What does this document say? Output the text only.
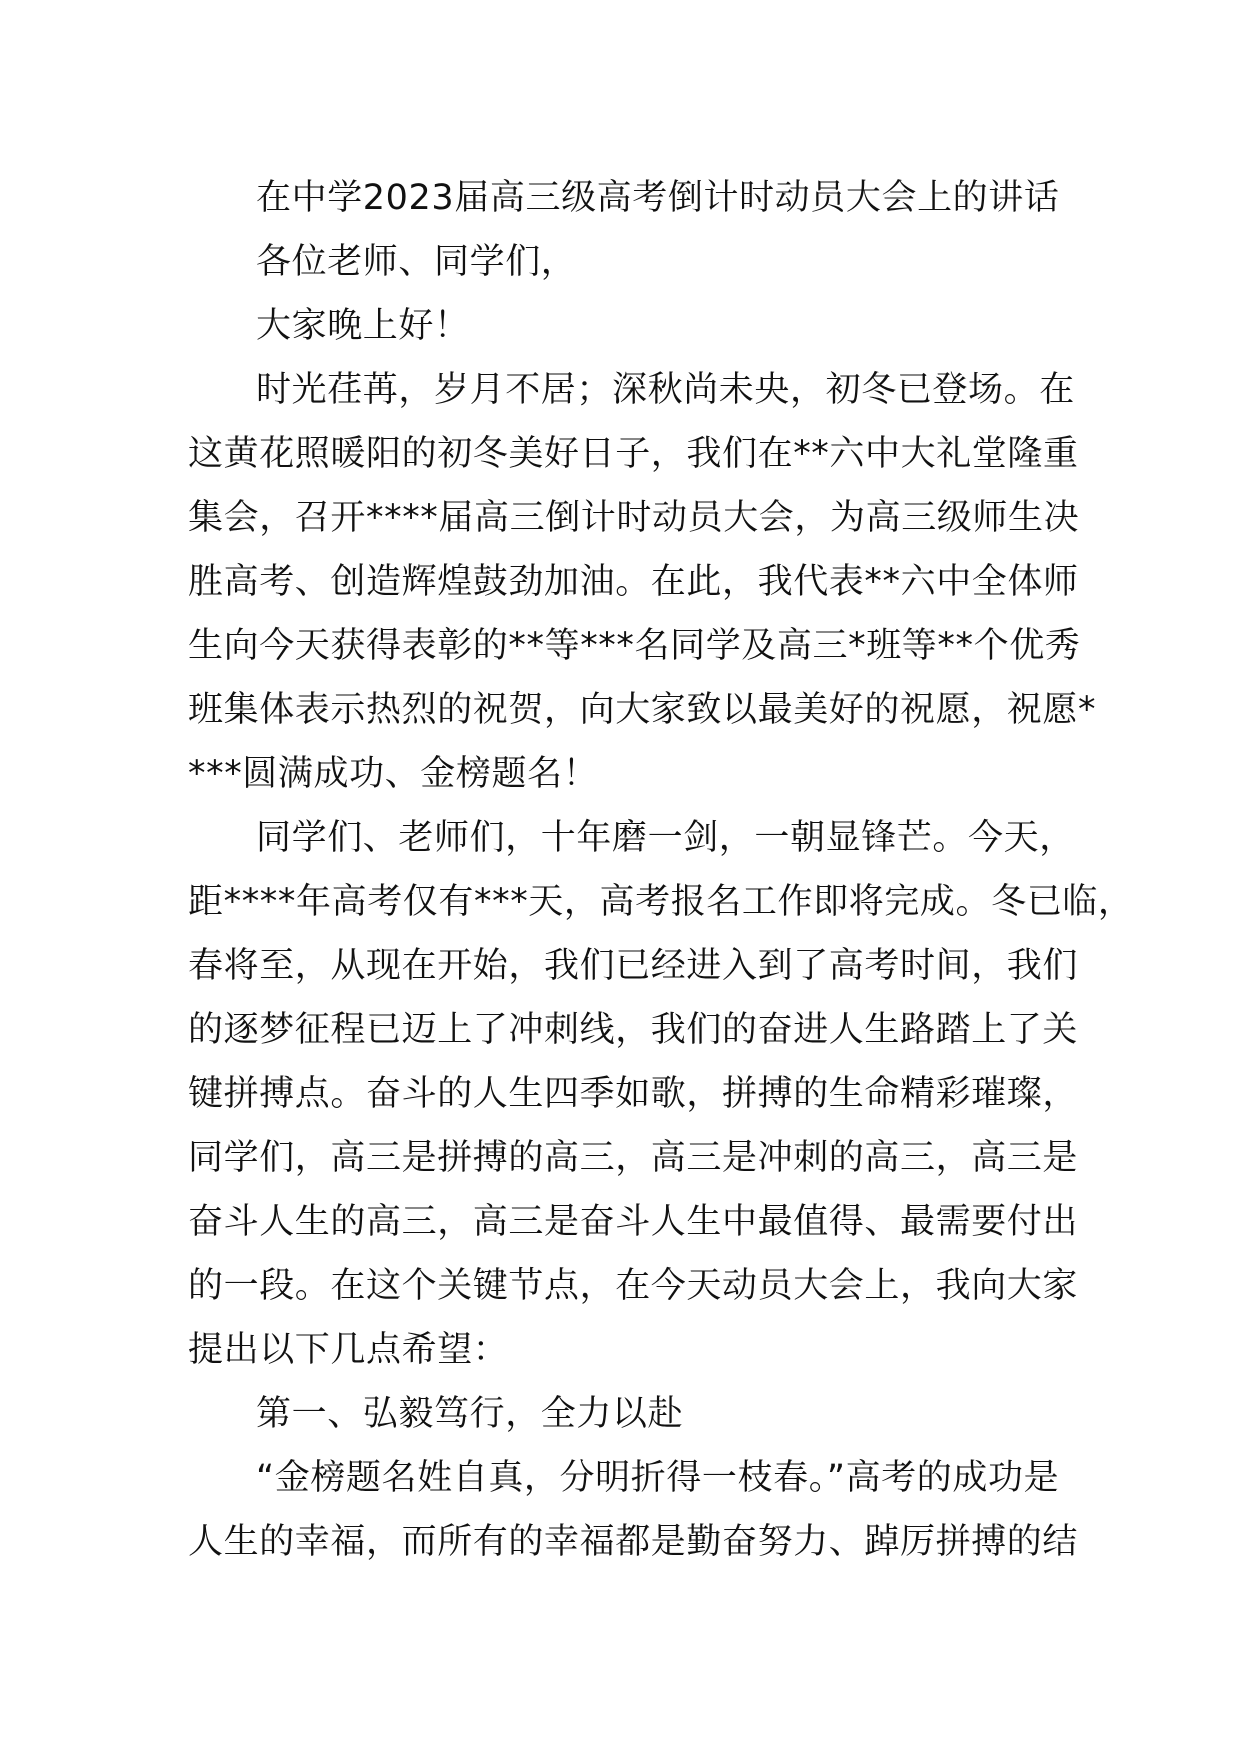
在中学2023届高三级高考倒计时动员大会上的讲话
各位老师、同学们，
大家晚上好！
时光荏苒，岁月不居；深秋尚未央，初冬已登场。在
这黄花照暖阳的初冬美好日子，我们在**六中大礼堂隆重
集会，召开****届高三倒计时动员大会，为高三级师生决
胜高考、创造辉煌鼓劲加油。在此，我代表**六中全体师
生向今天获得表彰的**等***名同学及高三*班等**个优秀
班集体表示热烈的祝贺，向大家致以最美好的祝愿，祝愿*
***圆满成功、金榜题名！
同学们、老师们，十年磨一剑，一朝显锋芒。今天，
距****年高考仅有***天，高考报名工作即将完成。冬已临，
春将至，从现在开始，我们已经进入到了高考时间，我们
的逐梦征程已迈上了冲刺线，我们的奋进人生路踏上了关
键拼搏点。奋斗的人生四季如歌，拼搏的生命精彩璀璨，
同学们，高三是拼搏的高三，高三是冲刺的高三，高三是
奋斗人生的高三，高三是奋斗人生中最值得、最需要付出
的一段。在这个关键节点，在今天动员大会上，我向大家
提出以下几点希望：
第一、弘毅笃行，全力以赴
“金榜题名姓自真，分明折得一枝春。”高考的成功是
人生的幸福，而所有的幸福都是勤奋努力、踔厉拼搏的结
